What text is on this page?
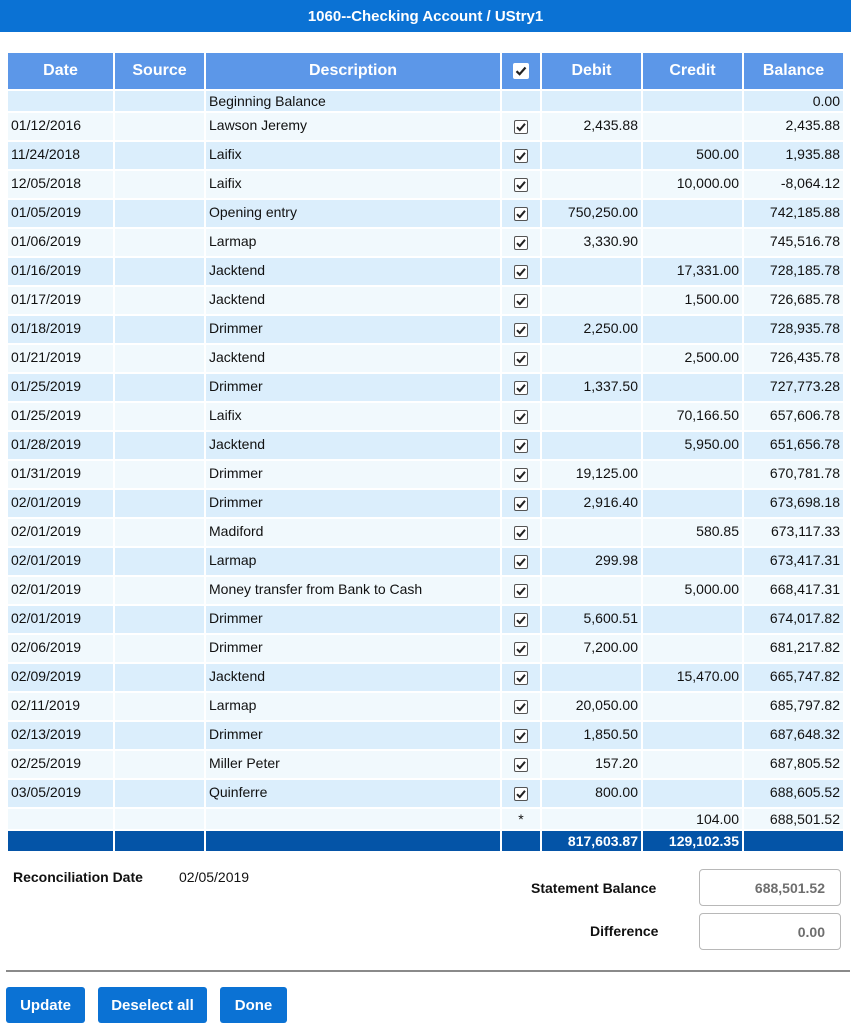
1060--Checking Account / UStry1
Date	Source	Description		Debit	Credit	Balance
		Beginning Balance				0.00
01/12/2016		Lawson Jeremy		2,435.88		2,435.88
11/24/2018		Laifix			500.00	1,935.88
12/05/2018		Laifix			10,000.00	-8,064.12
01/05/2019		Opening entry		750,250.00		742,185.88
01/06/2019		Larmap		3,330.90		745,516.78
01/16/2019		Jacktend			17,331.00	728,185.78
01/17/2019		Jacktend			1,500.00	726,685.78
01/18/2019		Drimmer		2,250.00		728,935.78
01/21/2019		Jacktend			2,500.00	726,435.78
01/25/2019		Drimmer		1,337.50		727,773.28
01/25/2019		Laifix			70,166.50	657,606.78
01/28/2019		Jacktend			5,950.00	651,656.78
01/31/2019		Drimmer		19,125.00		670,781.78
02/01/2019		Drimmer		2,916.40		673,698.18
02/01/2019		Madiford			580.85	673,117.33
02/01/2019		Larmap		299.98		673,417.31
02/01/2019		Money transfer from Bank to Cash			5,000.00	668,417.31
02/01/2019		Drimmer		5,600.51		674,017.82
02/06/2019		Drimmer		7,200.00		681,217.82
02/09/2019		Jacktend			15,470.00	665,747.82
02/11/2019		Larmap		20,050.00		685,797.82
02/13/2019		Drimmer		1,850.50		687,648.32
02/25/2019		Miller Peter		157.20		687,805.52
03/05/2019		Quinferre		800.00		688,605.52
			*		104.00	688,501.52
				817,603.87	129,102.35	
Reconciliation Date	02/05/2019
Statement Balance
688,501.52
Difference
0.00
Update	Deselect all	Done
